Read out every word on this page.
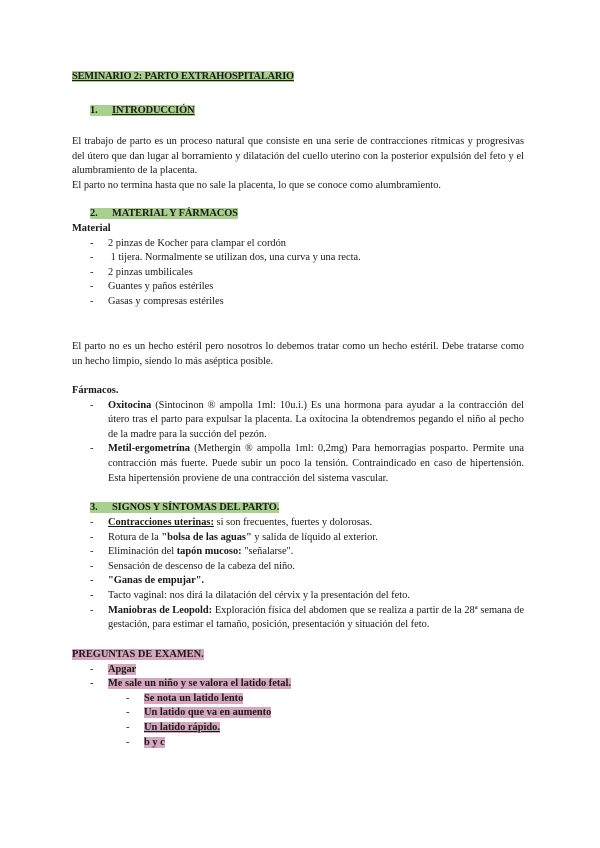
SEMINARIO 2: PARTO EXTRAHOSPITALARIO
1. INTRODUCCIÓN
El trabajo de parto es un proceso natural que consiste en una serie de contracciones rítmicas y progresivas del útero que dan lugar al borramiento y dilatación del cuello uterino con la posterior expulsión del feto y el alumbramiento de la placenta.
El parto no termina hasta que no sale la placenta, lo que se conoce como alumbramiento.
2. MATERIAL Y FÁRMACOS
Material
- 2 pinzas de Kocher para clampar el cordón
-  1 tijera. Normalmente se utilizan dos, una curva y una recta.
- 2 pinzas umbilicales
- Guantes y paños estériles
- Gasas y compresas estériles
El parto no es un hecho estéril pero nosotros lo debemos tratar como un hecho estéril. Debe tratarse como un hecho limpio, siendo lo más aséptica posible.
Fármacos.
- Oxitocina (Sintocinon ® ampolla 1ml: 10u.i.) Es una hormona para ayudar a la contracción del útero tras el parto para expulsar la placenta. La oxitocina la obtendremos pegando el niño al pecho de la madre para la succión del pezón.
- Metil-ergometrína (Methergin ® ampolla 1ml: 0,2mg) Para hemorragias posparto. Permite una contracción más fuerte. Puede subir un poco la tensión. Contraindicado en caso de hipertensión. Esta hipertensión proviene de una contracción del sistema vascular.
3. SIGNOS Y SÍNTOMAS DEL PARTO.
- Contracciones uterinas: si son frecuentes, fuertes y dolorosas.
- Rotura de la "bolsa de las aguas" y salida de líquido al exterior.
- Eliminación del tapón mucoso: "señalarse".
- Sensación de descenso de la cabeza del niño.
- "Ganas de empujar".
- Tacto vaginal: nos dirá la dilatación del cérvix y la presentación del feto.
- Maniobras de Leopold: Exploración física del abdomen que se realiza a partir de la 28ª semana de gestación, para estimar el tamaño, posición, presentación y situación del feto.
PREGUNTAS DE EXAMEN.
- Apgar
- Me sale un niño y se valora el latido fetal.
- Se nota un latido lento
- Un latido que va en aumento
- Un latido rápido.
- b y c
